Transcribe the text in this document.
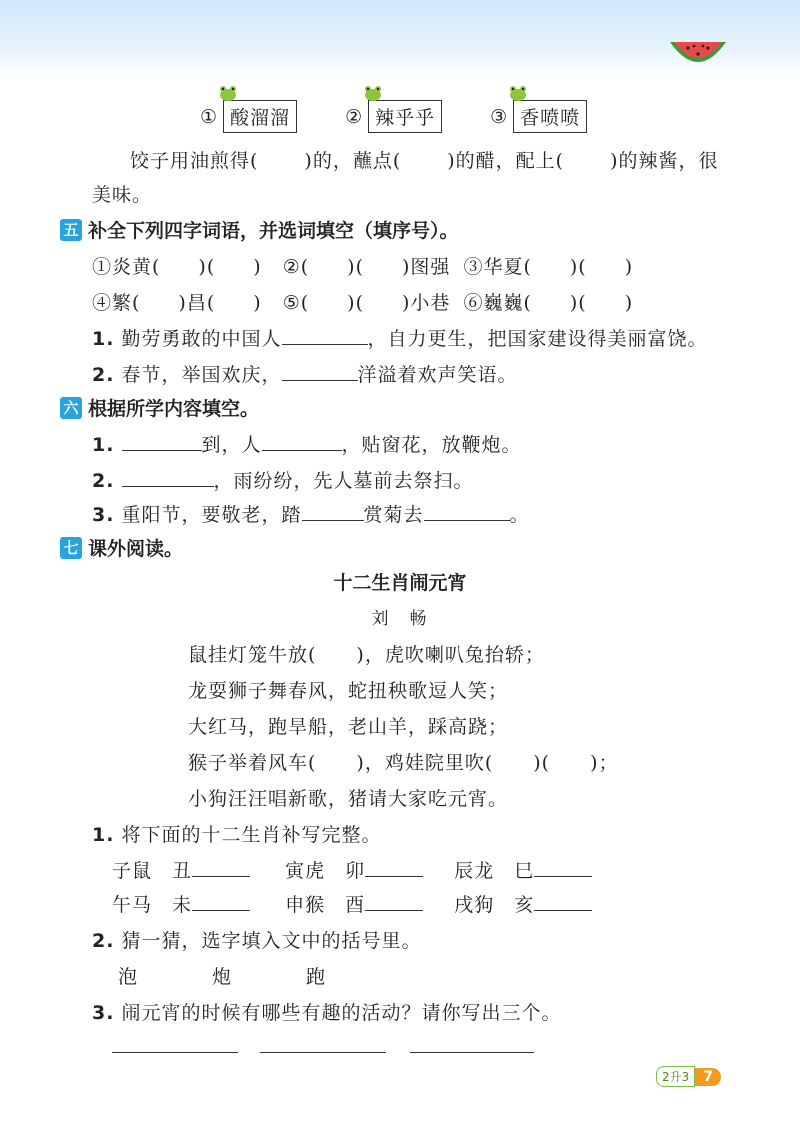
① 酸溜溜	② 辣乎乎	③ 香喷喷
饺子用油煎得( )的，蘸点( )的醋，配上( )的辣酱，很
美味。
五 补全下列四字词语，并选词填空（填序号）。
①炎黄( )( ) ②( )( )图强 ③华夏( )( )
④繁( )昌( ) ⑤( )( )小巷 ⑥巍巍( )( )
1. 勤劳勇敢的中国人	，自力更生，把国家建设得美丽富饶。
2. 春节，举国欢庆，	洋溢着欢声笑语。
六 根据所学内容填空。
1.	到，人	，贴窗花，放鞭炮。
2.	，雨纷纷，先人墓前去祭扫。
3. 重阳节，要敬老，踏	赏菊去	。
七 课外阅读。
十二生肖闹元宵
刘　畅
鼠挂灯笼牛放( )，虎吹喇叭兔抬轿；
龙耍狮子舞春风，蛇扭秧歌逗人笑；
大红马，跑旱船，老山羊，踩高跷；
猴子举着风车( )，鸡娃院里吹( )( )；
小狗汪汪唱新歌，猪请大家吃元宵。
1. 将下面的十二生肖补写完整。
子鼠　 丑	寅虎　 卯	辰龙　 巳
午马　 未	申猴　 酉	戌狗　 亥
2. 猜一猜，选字填入文中的括号里。
泡	炮	跑
3. 闹元宵的时候有哪些有趣的活动？请你写出三个。
2升3	7
